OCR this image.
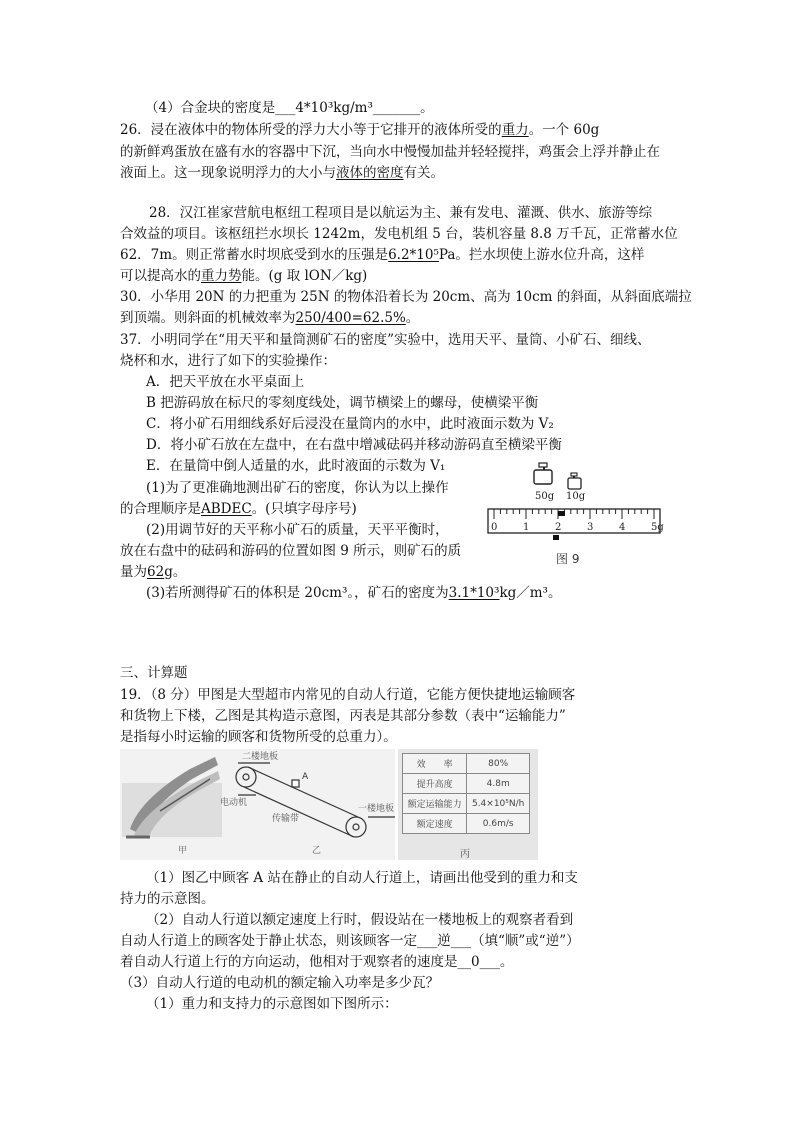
（4）合金块的密度是___4*10³kg/m³_______。
26．浸在液体中的物体所受的浮力大小等于它排开的液体所受的重力。一个 60g
的新鲜鸡蛋放在盛有水的容器中下沉，当向水中慢慢加盐并轻轻搅拌，鸡蛋会上浮并静止在
液面上。这一现象说明浮力的大小与液体的密度有关。
28．汉江崔家营航电枢纽工程项目是以航运为主、兼有发电、灌溉、供水、旅游等综
合效益的项目。该枢纽拦水坝长 1242m，发电机组 5 台，装机容量 8.8 万千瓦，正常蓄水位
62．7m。则正常蓄水时坝底受到水的压强是6.2*10⁵Pa。拦水坝使上游水位升高，这样
可以提高水的重力势能。(g 取 lON／kg)
30．小华用 20N 的力把重为 25N 的物体沿着长为 20cm、高为 10cm 的斜面，从斜面底端拉
到顶端。则斜面的机械效率为250/400=62.5%。
37．小明同学在“用天平和量筒测矿石的密度”实验中，选用天平、量筒、小矿石、细线、
烧杯和水，进行了如下的实验操作：
A．把天平放在水平桌面上
B 把游码放在标尺的零刻度线处，调节横梁上的螺母，使横梁平衡
C．将小矿石用细线系好后浸没在量筒内的水中，此时液面示数为 V₂
D．将小矿石放在左盘中，在右盘中增减砝码并移动游码直至横梁平衡
E．在量筒中倒人适量的水，此时液面的示数为 V₁
(1)为了更准确地测出矿石的密度，你认为以上操作
的合理顺序是ABDEC。(只填字母序号)
(2)用调节好的天平称小矿石的质量，天平平衡时，
放在右盘中的砝码和游码的位置如图 9 所示，则矿石的质
量为62g。
(3)若所测得矿石的体积是 20cm³。，矿石的密度为3.1*10³kg／m³。
50g 10g
0	1	2	3	4	5g
图 9
三、计算题
19．（8 分）甲图是大型超市内常见的自动人行道，它能方便快捷地运输顾客
和货物上下楼，乙图是其构造示意图，丙表是其部分参数（表中“运输能力”
是指每小时运输的顾客和货物所受的总重力）。
二楼地板
A
一楼地板
电动机
传输带
甲	乙
效　　率	80%
提升高度	4.8m
额定运输能力	5.4×10⁵N/h
额定速度	0.6m/s
丙
（1）图乙中顾客 A 站在静止的自动人行道上，请画出他受到的重力和支
持力的示意图。
（2）自动人行道以额定速度上行时，假设站在一楼地板上的观察者看到
自动人行道上的顾客处于静止状态，则该顾客一定___逆___（填“顺”或“逆”）
着自动人行道上行的方向运动，他相对于观察者的速度是__0___。
（3）自动人行道的电动机的额定输入功率是多少瓦？
（1）重力和支持力的示意图如下图所示：
